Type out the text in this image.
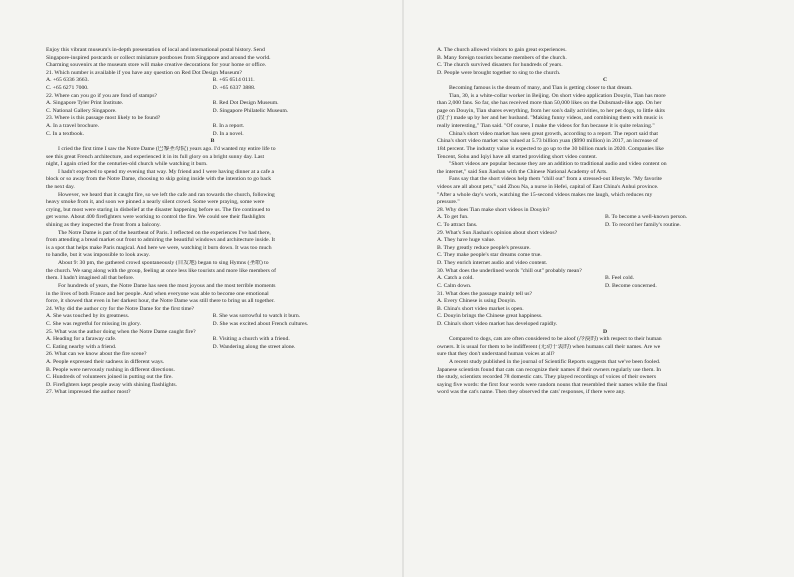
Enjoy this vibrant museum's in-depth presentation of local and international postal history. Send
Singapore-inspired postcards or collect miniature postboxes from Singapore and around the world.
Charming souvenirs at the museum store will make creative decorations for your home or office.
21. Which number is available if you have any question on Red Dot Design Museum?
A. +65 6336 3663.	B. +65 6514 0111.
C. +65 6271 7000.	D. +65 6337 3888.
22. Where can you go if you are fond of stamps?
A. Singapore Tyler Print Institute.	B. Red Dot Design Museum.
C. National Gallery Singapore.	D. Singapore Philatelic Museum.
23. Where is this passage most likely to be found?
A. In a travel brochure.	B. In a report.
C. In a textbook.	D. In a novel.
B
I cried the first time I saw the Notre Dame (巴黎圣母院) years ago. I'd wanted my entire life to
see this great French architecture, and experienced it in its full glory on a bright sunny day. Last
night, I again cried for the centuries-old church while watching it burn.
I hadn't expected to spend my evening that way. My friend and I were having dinner at a cafe a
block or so away from the Notre Dame, choosing to skip going inside with the intention to go back
the next day.
However, we heard that it caught fire, so we left the cafe and ran towards the church, following
heavy smoke from it, and soon we pinned a nearly silent crowd. Some were praying, some were
crying, but most were staring in disbelief at the disaster happening before us. The fire continued to
get worse. About 400 firefighters were working to control the fire. We could see their flashlights
shining as they inspected the front from a balcony.
The Notre Dame is part of the heartbeat of Paris. I reflected on the experiences I've had there,
from attending a bread market out front to admiring the beautiful windows and architecture inside. It
is a spot that helps make Paris magical. And here we were, watching it burn down. It was too much
to handle, but it was impossible to look away.
About 9: 30 pm, the gathered crowd spontaneously (自发地) began to sing Hymns (圣歌) to
the church. We sang along with the group, feeling at once less like tourists and more like members of
them. I hadn't imagined all that before.
For hundreds of years, the Notre Dame has seen the most joyous and the most terrible moments
in the lives of both France and her people. And when everyone was able to become one emotional
force, it showed that even in her darkest hour, the Notre Dame was still there to bring us all together.
24. Why did the author cry for the Notre Dame for the first time?
A. She was touched by its greatness.	B. She was sorrowful to watch it burn.
C. She was regretful for missing its glory.	D. She was excited about French cultures.
25. What was the author doing when the Notre Dame caught fire?
A. Heading for a faraway cafe.	B. Visiting a church with a friend.
C. Eating nearby with a friend.	D. Wandering along the street alone.
26. What can we know about the fire scene?
A. People expressed their sadness in different ways.
B. People were nervously rushing in different directions.
C. Hundreds of volunteers joined in putting out the fire.
D. Firefighters kept people away with shining flashlights.
27. What impressed the author most?
A. The church allowed visitors to gain great experiences.
B. Many foreign tourists became members of the church.
C. The church survived disasters for hundreds of years.
D. People were brought together to sing to the church.
C
Becoming famous is the dream of many, and Tian is getting closer to that dream.
Tian, 30, is a white-collar worker in Beijing. On short video application Douyin, Tian has more
than 2,000 fans. So far, she has received more than 50,000 likes on the Dubsmash-like app. On her
page on Douyin, Tian shares everything, from her son's daily activities, to her pet dogs, to little skits
(段子) made up by her and her husband. "Making funny videos, and combining them with music is
really interesting," Tian said. "Of course, I make the videos for fun because it is quite relaxing."
China's short video market has seen great growth, according to a report. The report said that
China's short video market was valued at 5.73 billion yuan ($990 million) in 2017, an increase of
184 percent. The industry value is expected to go up to the 30 billion mark in 2020. Companies like
Tencent, Sohu and Iqiyi have all started providing short video content.
"Short videos are popular because they are an addition to traditional audio and video content on
the internet," said Sun Jiashan with the Chinese National Academy of Arts.
Fans say that the short videos help them "chill out" from a stressed-out lifestyle. "My favorite
videos are all about pets," said Zhou Na, a nurse in Hefei, capital of East China's Anhui province.
"After a whole day's work, watching the 15-second videos makes me laugh, which reduces my
pressure."
28. Why does Tian make short videos in Douyin?
A. To get fun.	B. To become a well-known person.
C. To attract fans.	D. To record her family's routine.
29. What's Sun Jiashan's opinion about short videos?
A. They have huge value.
B. They greatly reduce people's pressure.
C. They make people's star dreams come true.
D. They enrich internet audio and video content.
30. What does the underlined words "chill out" probably mean?
A. Catch a cold.	B. Feel cold.
C. Calm down.	D. Become concerned.
31. What does the passage mainly tell us?
A. Every Chinese is using Douyin.
B. China's short video market is open.
C. Douyin brings the Chinese great happiness.
D. China's short video market has developed rapidly.
D
Compared to dogs, cats are often considered to be aloof (冷漠的) with respect to their human
owners. It is usual for them to be indifferent (无动于衷的) when humans call their names. Are we
sure that they don't understand human voices at all?
A recent study published in the journal of Scientific Reports suggests that we've been fooled.
Japanese scientists found that cats can recognize their names if their owners regularly use them. In
the study, scientists recorded 78 domestic cats. They played recordings of voices of their owners
saying five words: the first four words were random nouns that resembled their names while the final
word was the cat's name. Then they observed the cats' responses, if there were any.
